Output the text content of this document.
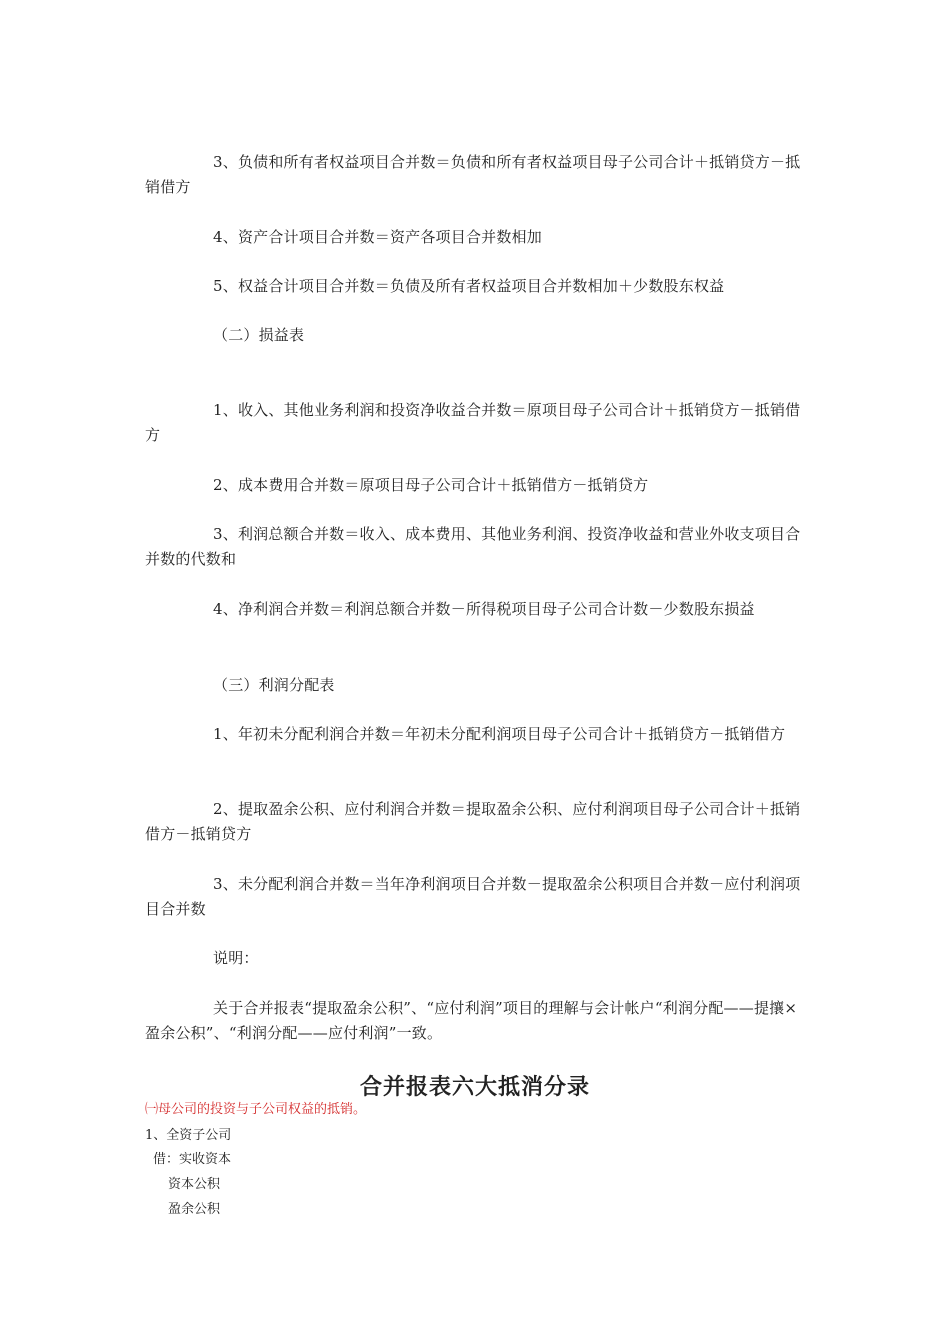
3、负债和所有者权益项目合并数＝负债和所有者权益项目母子公司合计＋抵销贷方－抵销借方

4、资产合计项目合并数＝资产各项目合并数相加

5、权益合计项目合并数＝负债及所有者权益项目合并数相加＋少数股东权益

（二）损益表

1、收入、其他业务利润和投资净收益合并数＝原项目母子公司合计＋抵销贷方－抵销借方

2、成本费用合并数＝原项目母子公司合计＋抵销借方－抵销贷方

3、利润总额合并数＝收入、成本费用、其他业务利润、投资净收益和营业外收支项目合并数的代数和

4、净利润合并数＝利润总额合并数－所得税项目母子公司合计数－少数股东损益

（三）利润分配表

1、年初未分配利润合并数＝年初未分配利润项目母子公司合计＋抵销贷方－抵销借方

2、提取盈余公积、应付利润合并数＝提取盈余公积、应付利润项目母子公司合计＋抵销借方－抵销贷方

3、未分配利润合并数＝当年净利润项目合并数－提取盈余公积项目合并数－应付利润项目合并数

说明：

关于合并报表“提取盈余公积”、“应付利润”项目的理解与会计帐户“利润分配——提攘×盈余公积”、“利润分配——应付利润”一致。

合并报表六大抵消分录

㈠母公司的投资与子公司权益的抵销。

1、全资子公司

借：实收资本

资本公积

盈余公积
